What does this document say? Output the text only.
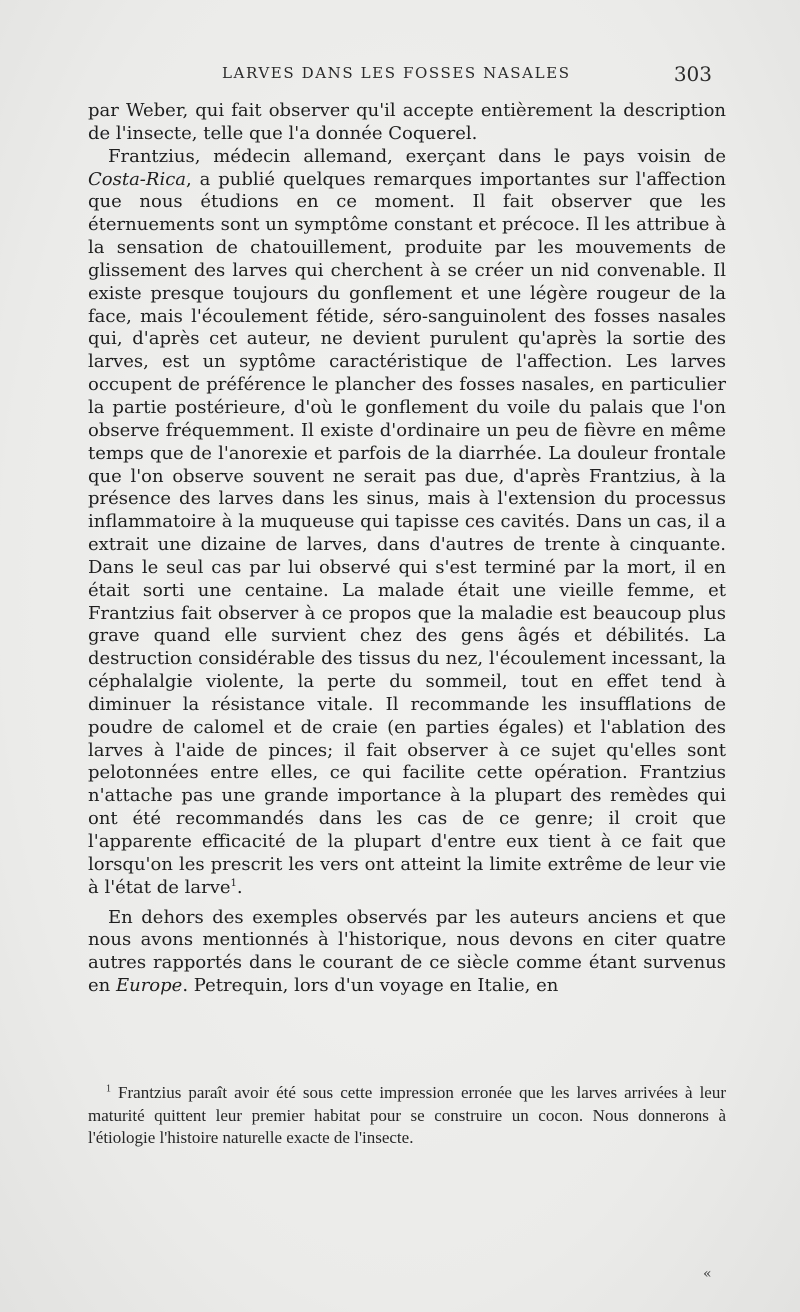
LARVES DANS LES FOSSES NASALES	303

par Weber, qui fait observer qu'il accepte entièrement la description de l'insecte, telle que l'a donnée Coquerel.

Frantzius, médecin allemand, exerçant dans le pays voisin de Costa-Rica, a publié quelques remarques importantes sur l'affection que nous étudions en ce moment. Il fait observer que les éternuements sont un symptôme constant et précoce. Il les attribue à la sensation de chatouillement, produite par les mouvements de glissement des larves qui cherchent à se créer un nid convenable. Il existe presque toujours du gonflement et une légère rougeur de la face, mais l'écoulement fétide, séro-sanguinolent des fosses nasales qui, d'après cet auteur, ne devient purulent qu'après la sortie des larves, est un syptôme caractéristique de l'affection. Les larves occupent de préférence le plancher des fosses nasales, en particulier la partie postérieure, d'où le gonflement du voile du palais que l'on observe fréquemment. Il existe d'ordinaire un peu de fièvre en même temps que de l'anorexie et parfois de la diarrhée. La douleur frontale que l'on observe souvent ne serait pas due, d'après Frantzius, à la présence des larves dans les sinus, mais à l'extension du processus inflammatoire à la muqueuse qui tapisse ces cavités. Dans un cas, il a extrait une dizaine de larves, dans d'autres de trente à cinquante. Dans le seul cas par lui observé qui s'est terminé par la mort, il en était sorti une centaine. La malade était une vieille femme, et Frantzius fait observer à ce propos que la maladie est beaucoup plus grave quand elle survient chez des gens âgés et débilités. La destruction considérable des tissus du nez, l'écoulement incessant, la céphalalgie violente, la perte du sommeil, tout en effet tend à diminuer la résistance vitale. Il recommande les insufflations de poudre de calomel et de craie (en parties égales) et l'ablation des larves à l'aide de pinces; il fait observer à ce sujet qu'elles sont pelotonnées entre elles, ce qui facilite cette opération. Frantzius n'attache pas une grande importance à la plupart des remèdes qui ont été recommandés dans les cas de ce genre; il croit que l'apparente efficacité de la plupart d'entre eux tient à ce fait que lorsqu'on les prescrit les vers ont atteint la limite extrême de leur vie à l'état de larve$^1$.

En dehors des exemples observés par les auteurs anciens et que nous avons mentionnés à l'historique, nous devons en citer quatre autres rapportés dans le courant de ce siècle comme étant survenus en Europe. Petrequin, lors d'un voyage en Italie, en

$^1$ Frantzius paraît avoir été sous cette impression erronée que les larves arrivées à leur maturité quittent leur premier habitat pour se construire un cocon. Nous donnerons à l'étiologie l'histoire naturelle exacte de l'insecte.

«
